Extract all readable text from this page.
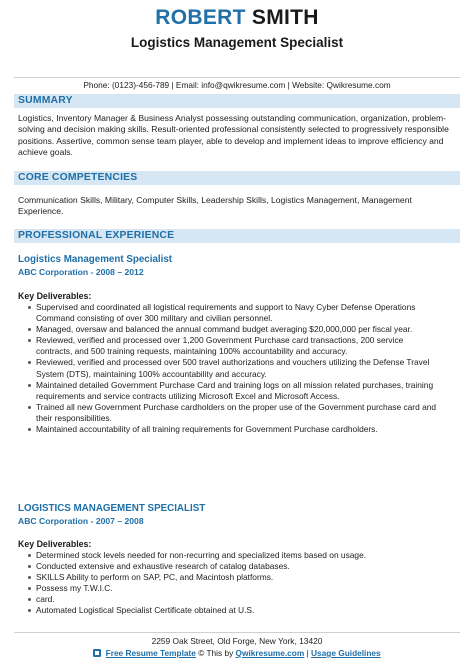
ROBERT SMITH
Logistics Management Specialist
Phone: (0123)-456-789 | Email: info@qwikresume.com | Website: Qwikresume.com
SUMMARY
Logistics, Inventory Manager & Business Analyst possessing outstanding communication, organization, problem-solving and decision making skills. Result-oriented professional consistently selected to progressively responsible positions. Assertive, common sense team player, able to develop and implement ideas to improve efficiency and achieve goals.
CORE COMPETENCIES
Communication Skills, Military, Computer Skills, Leadership Skills, Logistics Management, Management Experience.
PROFESSIONAL EXPERIENCE
Logistics Management Specialist
ABC Corporation - 2008 – 2012
Key Deliverables:
Supervised and coordinated all logistical requirements and support to Navy Cyber Defense Operations Command consisting of over 300 military and civilian personnel.
Managed, oversaw and balanced the annual command budget averaging $20,000,000 per fiscal year.
Reviewed, verified and processed over 1,200 Government Purchase card transactions, 200 service contracts, and 500 training requests, maintaining 100% accountability and accuracy.
Reviewed, verified and processed over 500 travel authorizations and vouchers utilizing the Defense Travel System (DTS), maintaining 100% accountability and accuracy.
Maintained detailed Government Purchase Card and training logs on all mission related purchases, training requirements and service contracts utilizing Microsoft Excel and Microsoft Access.
Trained all new Government Purchase cardholders on the proper use of the Government purchase card and their responsibilities.
Maintained accountability of all training requirements for Government Purchase cardholders.
LOGISTICS MANAGEMENT SPECIALIST
ABC Corporation - 2007 – 2008
Key Deliverables:
Determined stock levels needed for non-recurring and specialized items based on usage.
Conducted extensive and exhaustive research of catalog databases.
SKILLS Ability to perform on SAP, PC, and Macintosh platforms.
Possess my T.W.I.C.
card.
Automated Logistical Specialist Certificate obtained at U.S.
2259 Oak Street, Old Forge, New York, 13420
Free Resume Template © This by Qwikresume.com | Usage Guidelines
